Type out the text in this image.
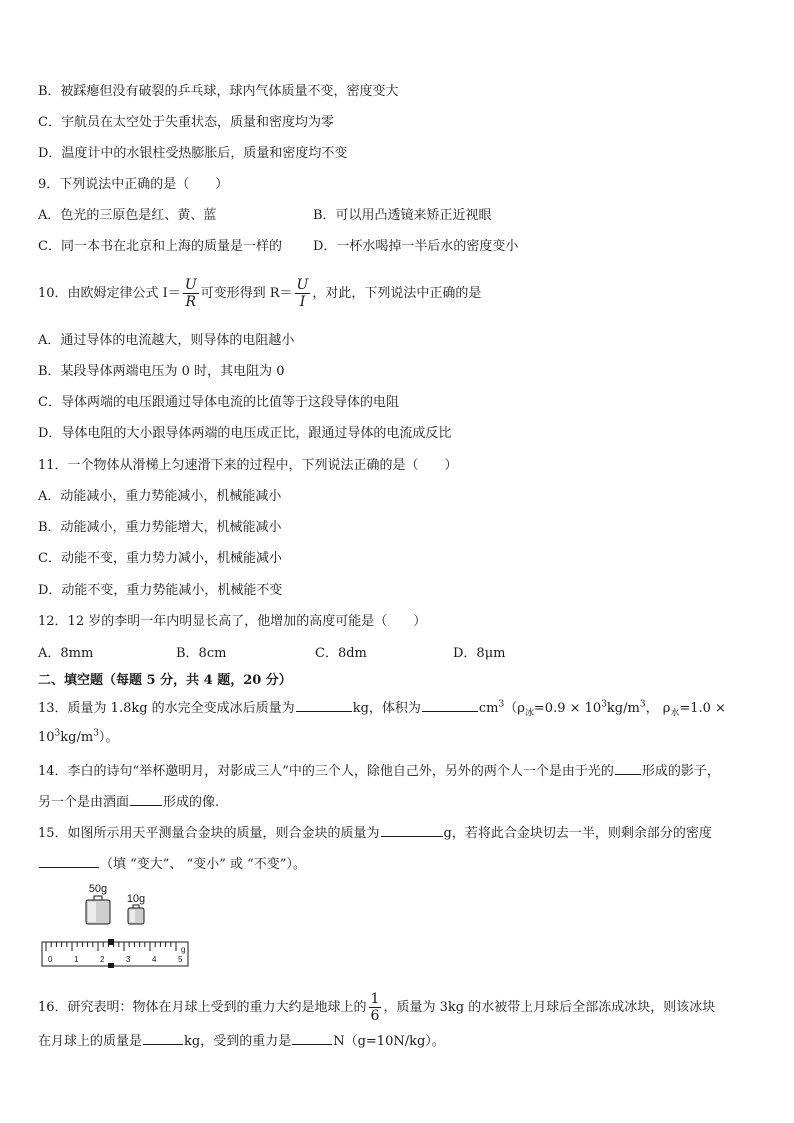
B．被踩瘪但没有破裂的乒乓球，球内气体质量不变，密度变大
C．宇航员在太空处于失重状态，质量和密度均为零
D．温度计中的水银柱受热膨胀后，质量和密度均不变
9．下列说法中正确的是（　　）
A．色光的三原色是红、黄、蓝	B．可以用凸透镜来矫正近视眼
C．同一本书在北京和上海的质量是一样的 D．一杯水喝掉一半后水的密度变小
10．由欧姆定律公式 $I= \frac{U}{R}$ 可变形得到 $R= \frac{U}{I}$ ，对此，下列说法中正确的是
A．通过导体的电流越大，则导体的电阻越小
B．某段导体两端电压为 0 时，其电阻为 0
C．导体两端的电压跟通过导体电流的比值等于这段导体的电阻
D．导体电阻的大小跟导体两端的电压成正比，跟通过导体的电流成反比
11．一个物体从滑梯上匀速滑下来的过程中，下列说法正确的是（　　）
A．动能减小，重力势能减小，机械能减小
B．动能减小，重力势能增大，机械能减小
C．动能不变，重力势力减小，机械能减小
D．动能不变，重力势能减小，机械能不变
12．12 岁的李明一年内明显长高了，他增加的高度可能是（　　）
A．8mm	B．8cm	C．8dm	D．8μm
二、填空题（每题 5 分，共 4 题，20 分）
13．质量为 1.8kg 的水完全变成冰后质量为	kg，体积为	$cm^3(\rho_冰=0.9 \times 10^3kg/m^3$， $\rho_水=1.0$ ×
$10^3kg/m^3$）。
14．李白的诗句“举杯邀明月，对影成三人”中的三个人，除他自己外，另外的两个人一个是由于光的 形成的影子，
另一个是由酒面	形成的像.
15．如图所示用天平测量合金块的质量，则合金块的质量为	g，若将此合金块切去一半，则剩余部分的密度
（填 “变大”、 “变小” 或 “不变”）。
50g
10g
0	1	2	3	4	5
g
16．研究表明：物体在月球上受到的重力大约是地球上的 $\frac{1}{6}$ ，质量为 3kg 的水被带上月球后全部冻成冰块，则该冰块
在月球上的质量是	kg，受到的重力是	N（g=10N/kg）。
